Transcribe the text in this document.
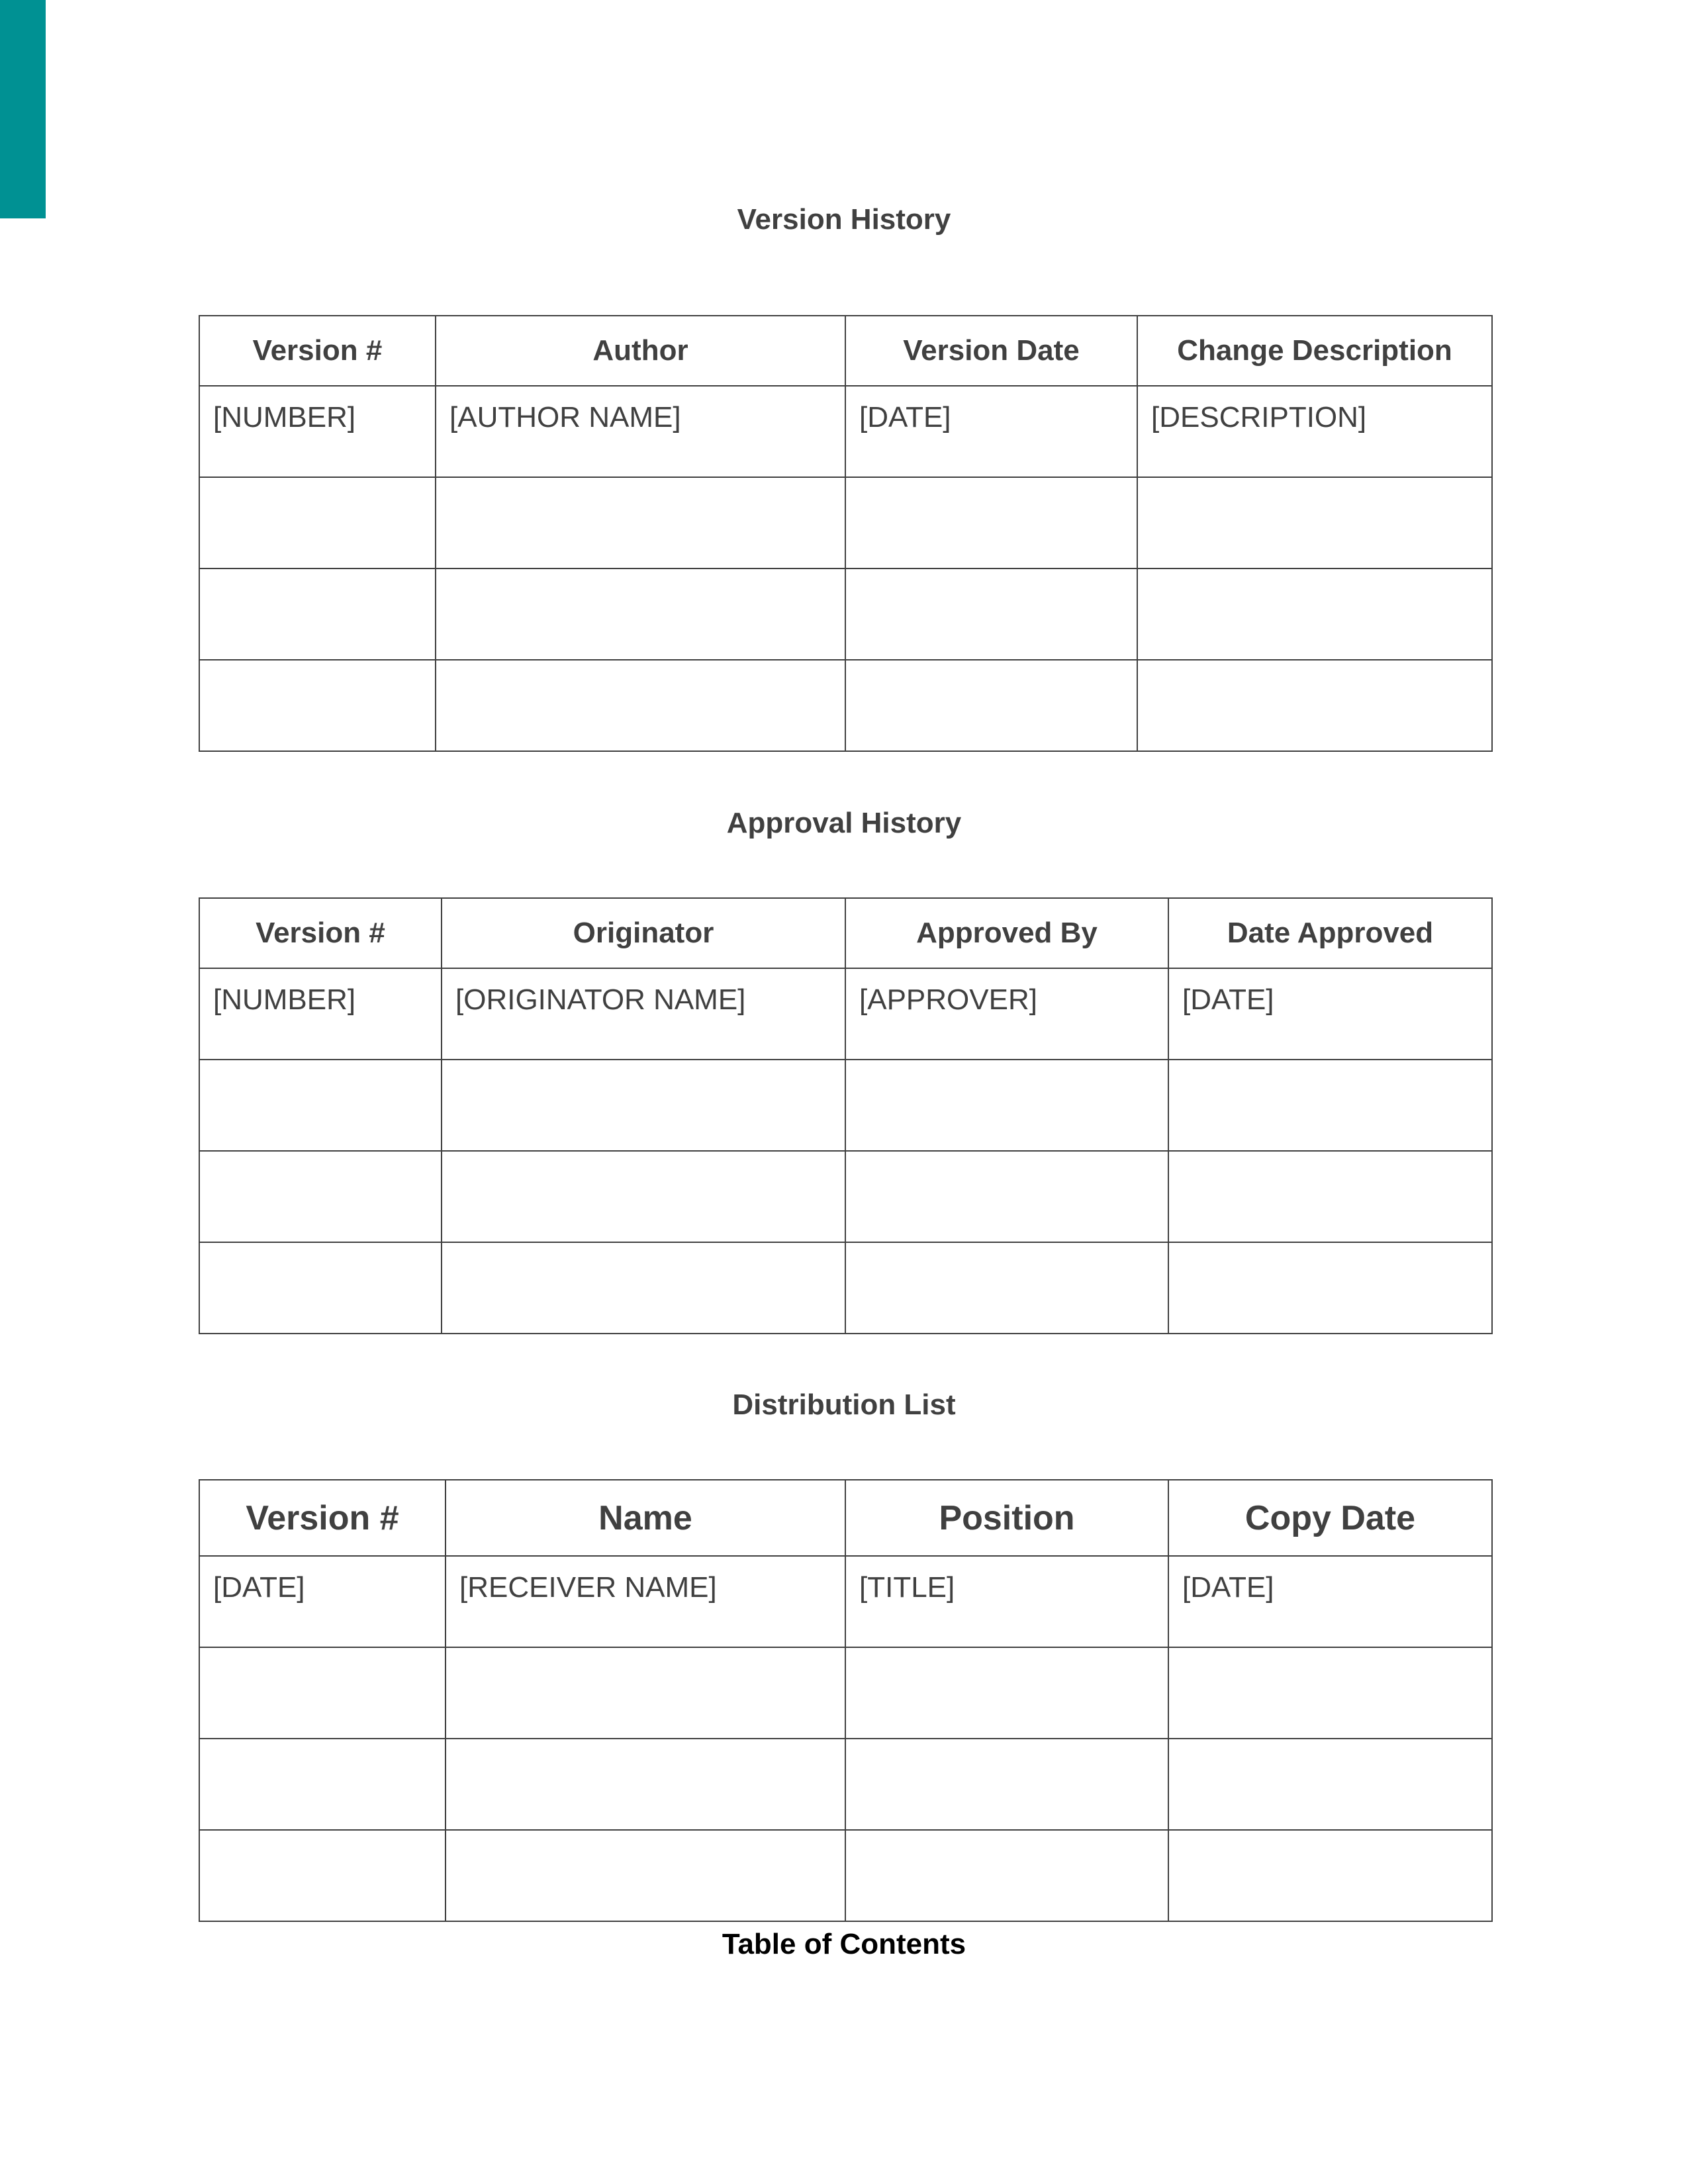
Version History
Version #	Author	Version Date	Change Description
[NUMBER]	[AUTHOR NAME]	[DATE]	[DESCRIPTION]

Approval History
Version #	Originator	Approved By	Date Approved
[NUMBER]	[ORIGINATOR NAME]	[APPROVER]	[DATE]

Distribution List
Version #	Name	Position	Copy Date
[DATE]	[RECEIVER NAME]	[TITLE]	[DATE]

Table of Contents
